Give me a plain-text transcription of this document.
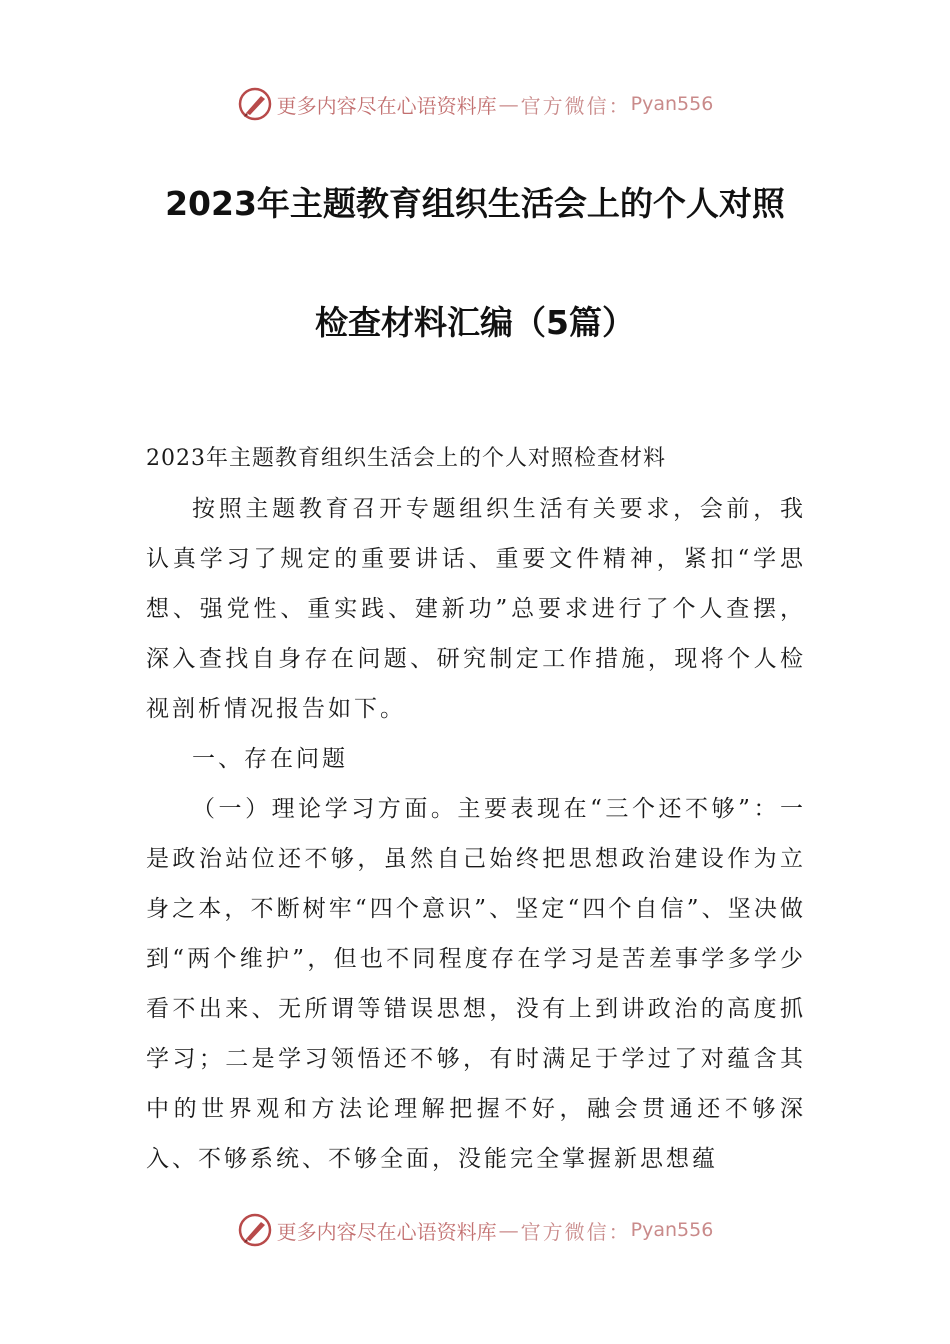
更多内容尽在心语资料库 — 官方微信： Pyan556
2023年主题教育组织生活会上的个人对照
检查材料汇编（5篇）

2023年主题教育组织生活会上的个人对照检查材料

按照主题教育召开专题组织生活有关要求，会前，我认真学习了规定的重要讲话、重要文件精神，紧扣“学思想、强党性、重实践、建新功”总要求进行了个人查摆，深入查找自身存在问题、研究制定工作措施，现将个人检视剖析情况报告如下。

一、存在问题

（一）理论学习方面。主要表现在“三个还不够”：一是政治站位还不够，虽然自己始终把思想政治建设作为立身之本，不断树牢“四个意识”、坚定“四个自信”、坚决做到“两个维护”，但也不同程度存在学习是苦差事学多学少看不出来、无所谓等错误思想，没有上到讲政治的高度抓学习；二是学习领悟还不够，有时满足于学过了对蕴含其中的世界观和方法论理解把握不好，融会贯通还不够深入、不够系统、不够全面，没能完全掌握新思想蕴

更多内容尽在心语资料库 — 官方微信： Pyan556
